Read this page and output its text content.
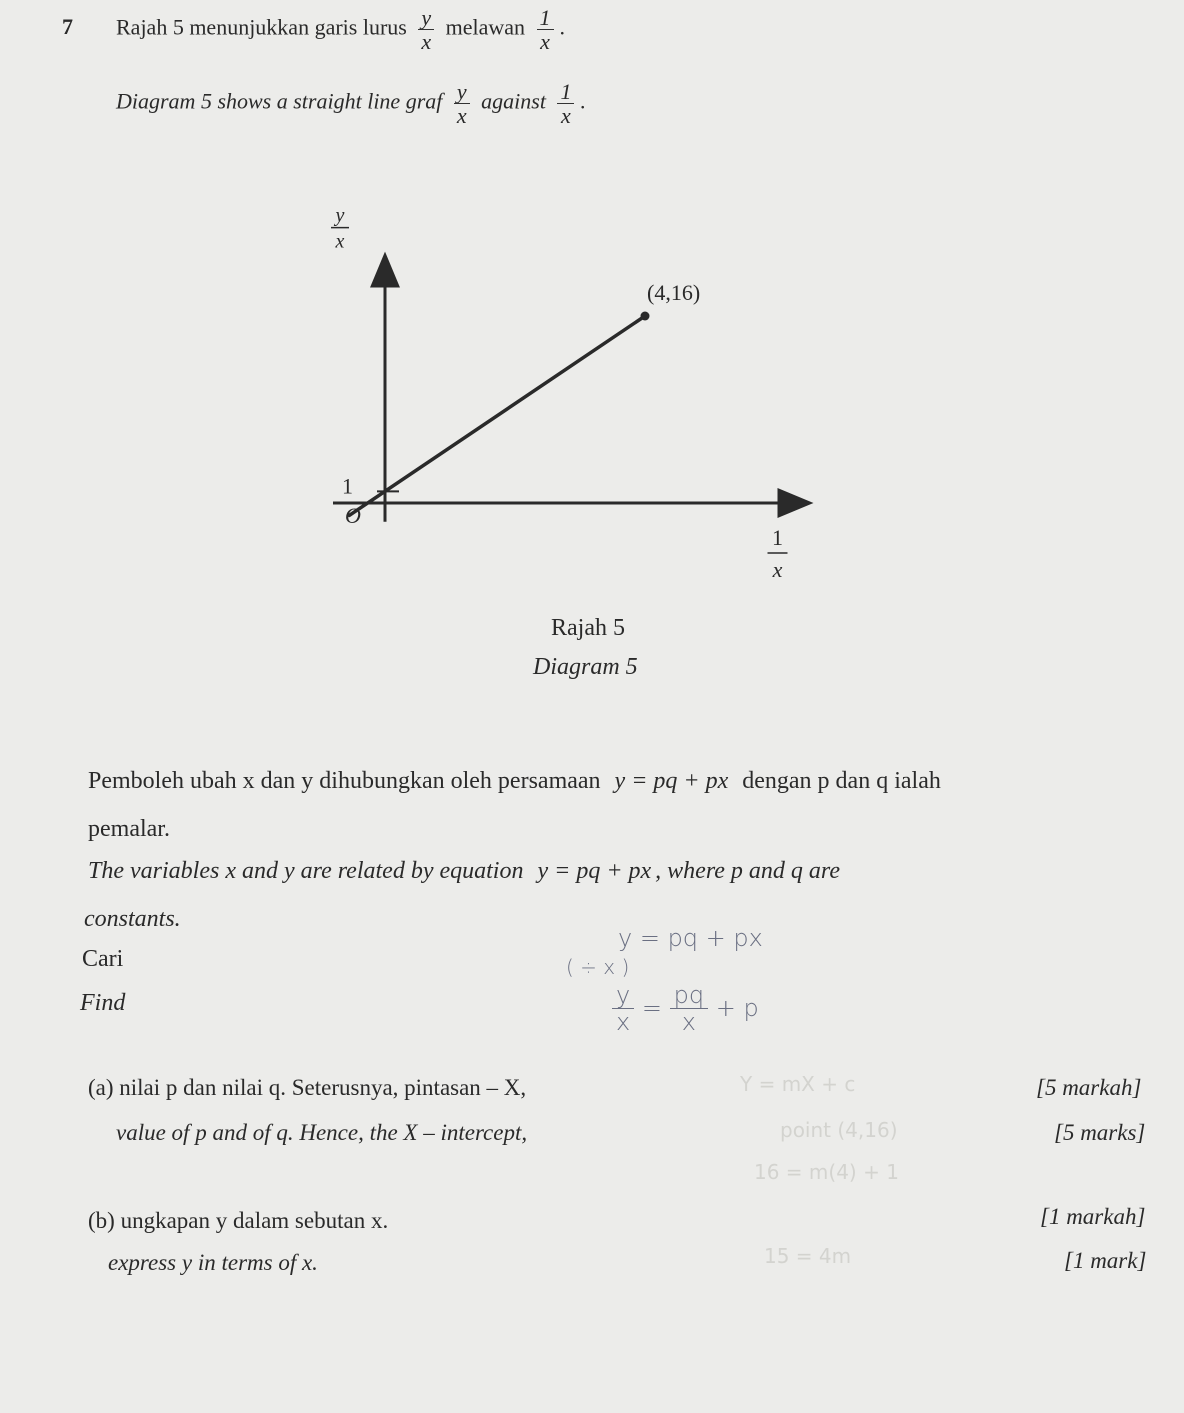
7 Rajah 5 menunjukkan garis lurus $\frac{y}{x}$ melawan $\frac{1}{x}$ .
Diagram 5 shows a straight line graf $\frac{y}{x}$ against $\frac{1}{x}$ .
(4,16)
1
O
y
x
1
x
Rajah 5
Diagram 5
Pemboleh ubah x dan y dihubungkan oleh persamaan y = pq + px dengan p dan q ialah
pemalar.
The variables x and y are related by equation y = pq + px , where p and q are
constants.
Cari
Find
y = pq + px
( ÷ x )
$\frac{y}{x} = \frac{pq}{x} + p$
Y = mX + c
point (4,16)
16 = m(4) + 1
15 = 4m
(a) nilai p dan nilai q. Seterusnya, pintasan – X,	[5 markah]
value of p and of q. Hence, the X – intercept,	[5 marks]
(b) ungkapan y dalam sebutan x.	[1 markah]
express y in terms of x.	[1 mark]
